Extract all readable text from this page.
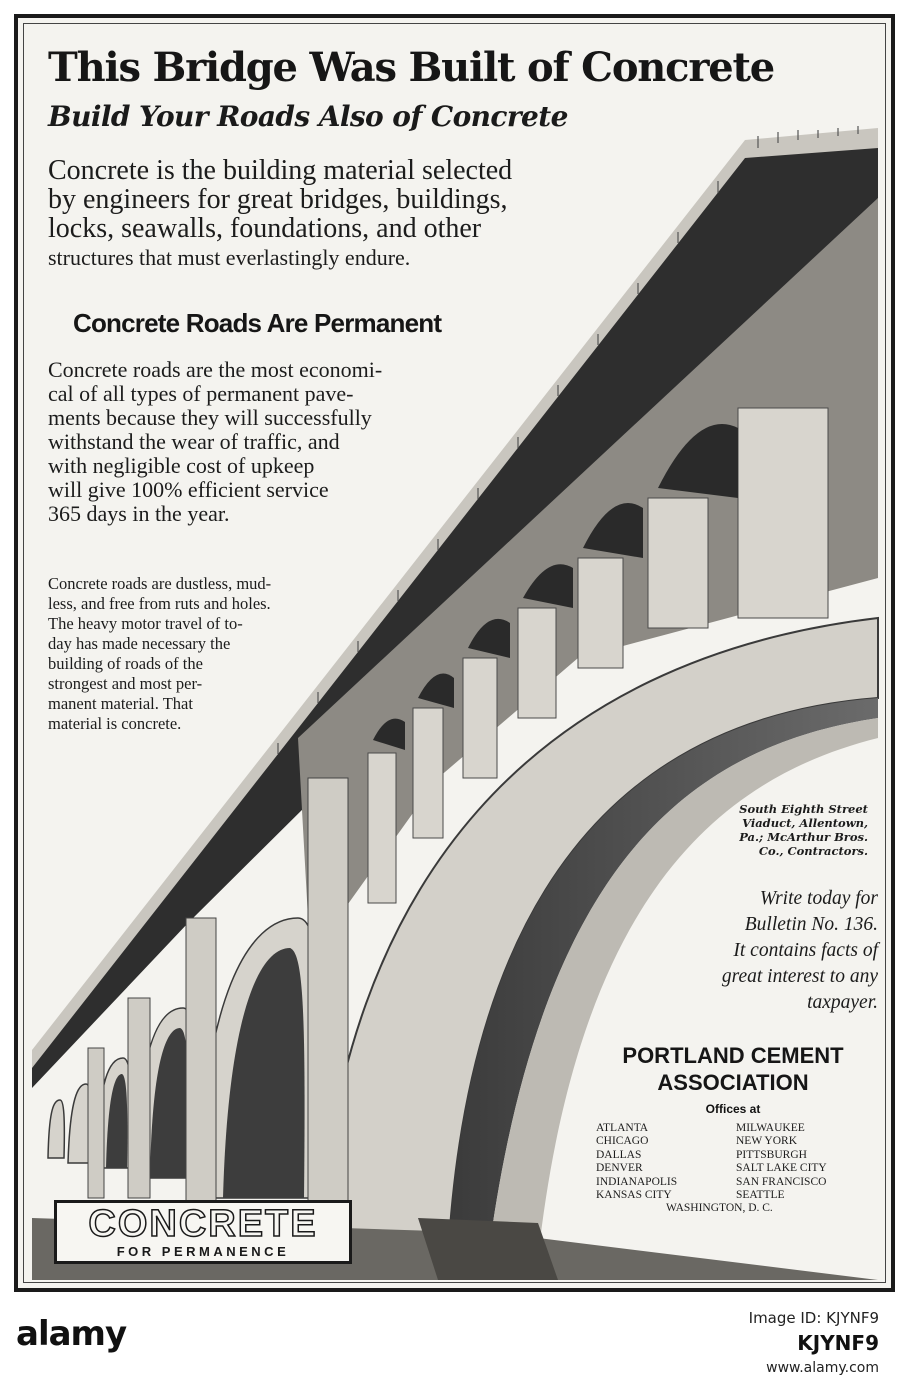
This Bridge Was Built of Concrete
Build Your Roads Also of Concrete
Concrete is the building material selected
by engineers for great bridges, buildings,
locks, seawalls, foundations, and other
structures that must everlastingly endure.
Concrete Roads Are Permanent
Concrete roads are the most economi-
cal of all types of permanent pave-
ments because they will successfully
withstand the wear of traffic, and
with negligible cost of upkeep
will give 100% efficient service
365 days in the year.
Concrete roads are dustless, mud-
less, and free from ruts and holes.
The heavy motor travel of to-
day has made necessary the
building of roads of the
strongest and most per-
manent material. That
material is concrete.
South Eighth Street
Viaduct, Allentown,
Pa.; McArthur Bros.
Co., Contractors.
Write today for
Bulletin No. 136.
It contains facts of
great interest to any
taxpayer.
PORTLAND CEMENT
ASSOCIATION
Offices at
ATLANTA	MILWAUKEE
CHICAGO	NEW YORK
DALLAS	PITTSBURGH
DENVER	SALT LAKE CITY
INDIANAPOLIS	SAN FRANCISCO
KANSAS CITY	SEATTLE
WASHINGTON, D. C.
CONCRETE
FOR PERMANENCE

alamy	Image ID: KJYNF9

KJYNF9

www.alamy.com
